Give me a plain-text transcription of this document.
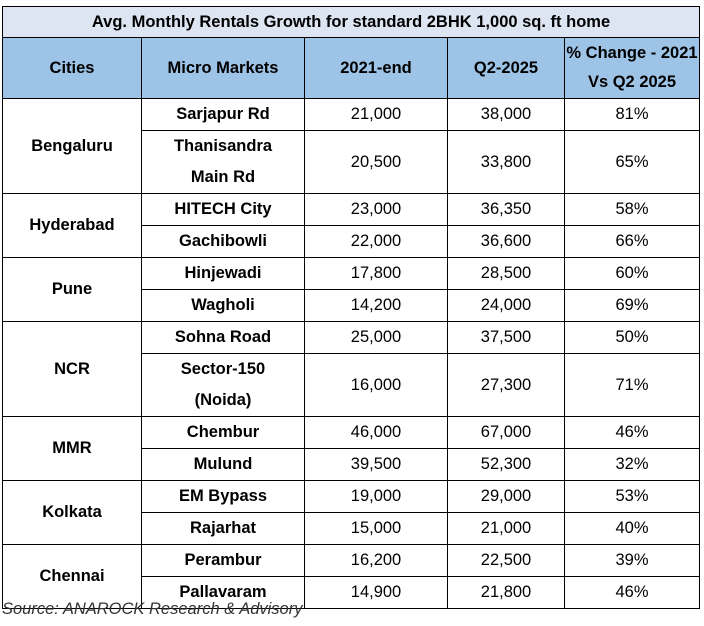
Avg. Monthly Rentals Growth for standard 2BHK 1,000 sq. ft home				
Cities	Micro Markets	2021-end	Q2-2025	% Change - 2021
Vs Q2 2025
Bengaluru	Sarjapur Rd	21,000	38,000	81%
	Thanisandra
Main Rd	20,500	33,800	65%
Hyderabad	HITECH City	23,000	36,350	58%
	Gachibowli	22,000	36,600	66%
Pune	Hinjewadi	17,800	28,500	60%
	Wagholi	14,200	24,000	69%
NCR	Sohna Road	25,000	37,500	50%
	Sector-150
(Noida)	16,000	27,300	71%
MMR	Chembur	46,000	67,000	46%
	Mulund	39,500	52,300	32%
Kolkata	EM Bypass	19,000	29,000	53%
	Rajarhat	15,000	21,000	40%
Chennai	Perambur	16,200	22,500	39%
	Pallavaram	14,900	21,800	46%
Source: ANAROCK Research & Advisory
